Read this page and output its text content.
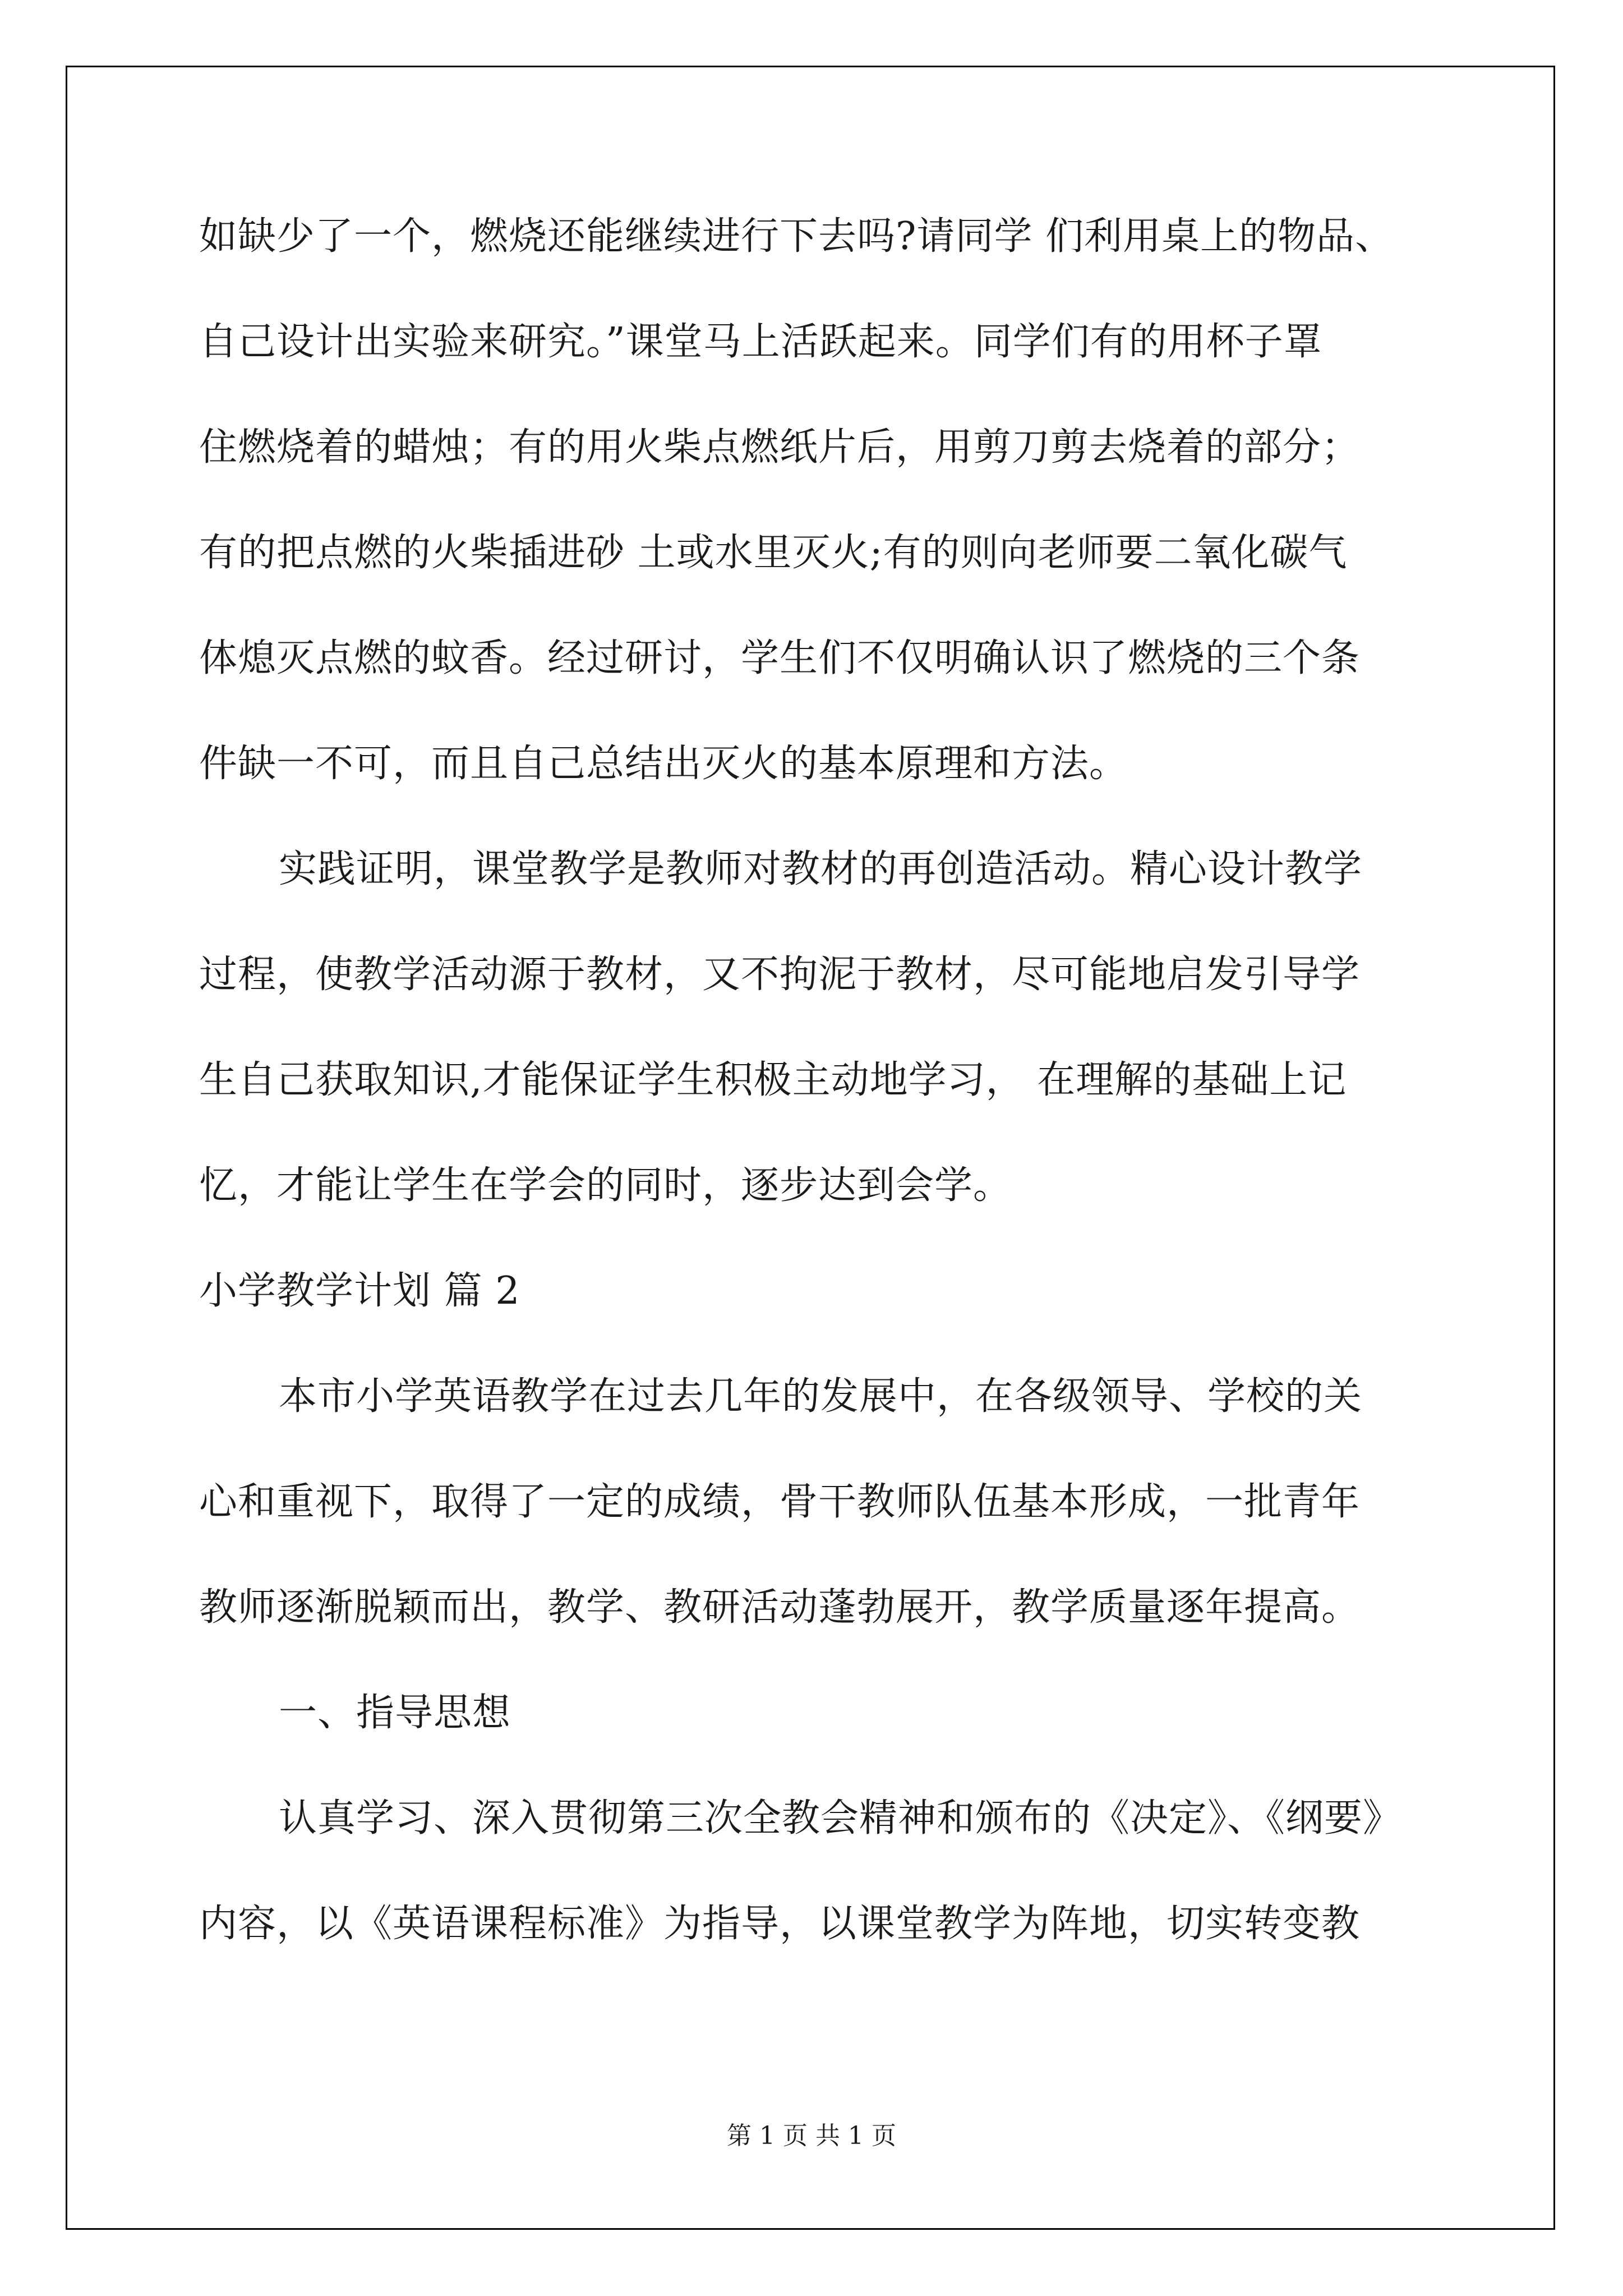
如缺少了一个，燃烧还能继续进行下去吗?请同学 们利用桌上的物品、
自己设计出实验来研究。”课堂马上活跃起来。同学们有的用杯子罩
住燃烧着的蜡烛；有的用火柴点燃纸片后，用剪刀剪去烧着的部分；
有的把点燃的火柴插进砂 土或水里灭火;有的则向老师要二氧化碳气
体熄灭点燃的蚊香。经过研讨，学生们不仅明确认识了燃烧的三个条
件缺一不可，而且自己总结出灭火的基本原理和方法。
实践证明，课堂教学是教师对教材的再创造活动。精心设计教学
过程，使教学活动源于教材，又不拘泥于教材，尽可能地启发引导学
生自己获取知识,才能保证学生积极主动地学习， 在理解的基础上记
忆，才能让学生在学会的同时，逐步达到会学。
小学教学计划 篇 2
本市小学英语教学在过去几年的发展中，在各级领导、学校的关
心和重视下，取得了一定的成绩，骨干教师队伍基本形成，一批青年
教师逐渐脱颖而出，教学、教研活动蓬勃展开，教学质量逐年提高。
一、指导思想
认真学习、深入贯彻第三次全教会精神和颁布的《决定》、《纲要》
内容，以《英语课程标准》为指导，以课堂教学为阵地，切实转变教
第 1 页 共 1 页
